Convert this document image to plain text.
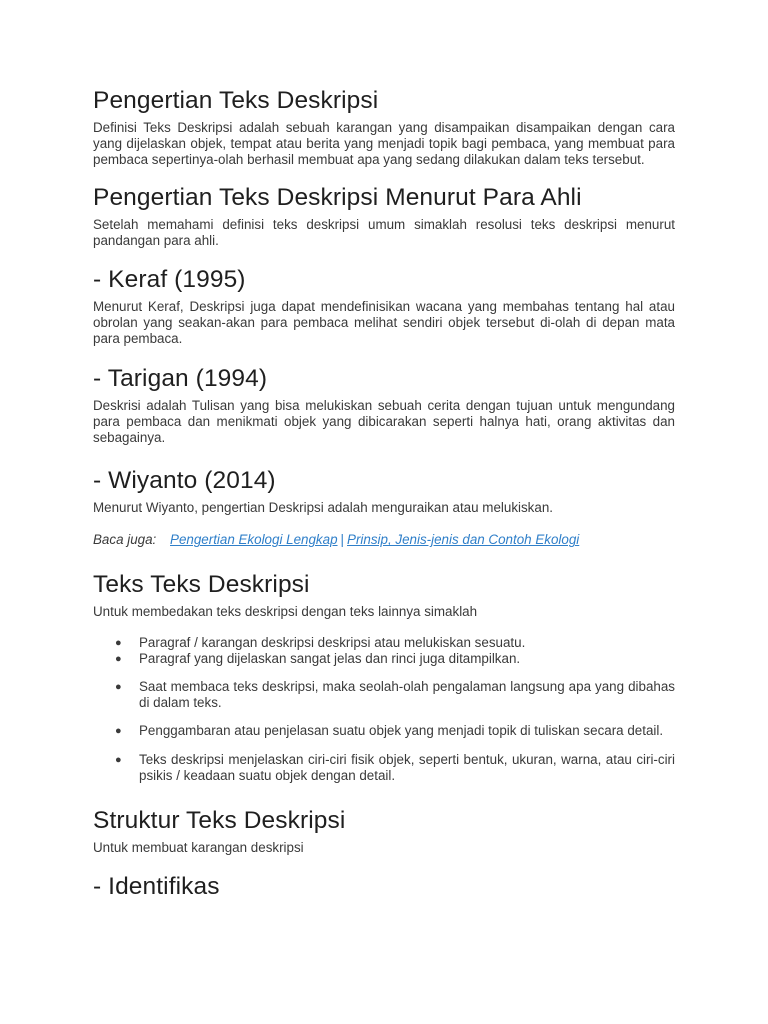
Pengertian Teks Deskripsi

Definisi Teks Deskripsi adalah sebuah karangan yang disampaikan disampaikan dengan cara yang dijelaskan objek, tempat atau berita yang menjadi topik bagi pembaca, yang membuat para pembaca sepertinya-olah berhasil membuat apa yang sedang dilakukan dalam teks tersebut.

Pengertian Teks Deskripsi Menurut Para Ahli

Setelah memahami definisi teks deskripsi umum simaklah resolusi teks deskripsi menurut pandangan para ahli.

- Keraf (1995)

Menurut Keraf, Deskripsi juga dapat mendefinisikan wacana yang membahas tentang hal atau obrolan yang seakan-akan para pembaca melihat sendiri objek tersebut di-olah di depan mata para pembaca.

- Tarigan (1994)

Deskrisi adalah Tulisan yang bisa melukiskan sebuah cerita dengan tujuan untuk mengundang para pembaca dan menikmati objek yang dibicarakan seperti halnya hati, orang aktivitas dan sebagainya.

- Wiyanto (2014)

Menurut Wiyanto, pengertian Deskripsi adalah menguraikan atau melukiskan.

Baca juga: Pengertian Ekologi Lengkap | Prinsip, Jenis-jenis dan Contoh Ekologi

Teks Teks Deskripsi

Untuk membedakan teks deskripsi dengan teks lainnya simaklah

● Paragraf / karangan deskripsi deskripsi atau melukiskan sesuatu.
● Paragraf yang dijelaskan sangat jelas dan rinci juga ditampilkan.
● Saat membaca teks deskripsi, maka seolah-olah pengalaman langsung apa yang dibahas di dalam teks.
● Penggambaran atau penjelasan suatu objek yang menjadi topik di tuliskan secara detail.
● Teks deskripsi menjelaskan ciri-ciri fisik objek, seperti bentuk, ukuran, warna, atau ciri-ciri psikis / keadaan suatu objek dengan detail.
Struktur Teks Deskripsi

Untuk membuat karangan deskripsi

- Identifikas
